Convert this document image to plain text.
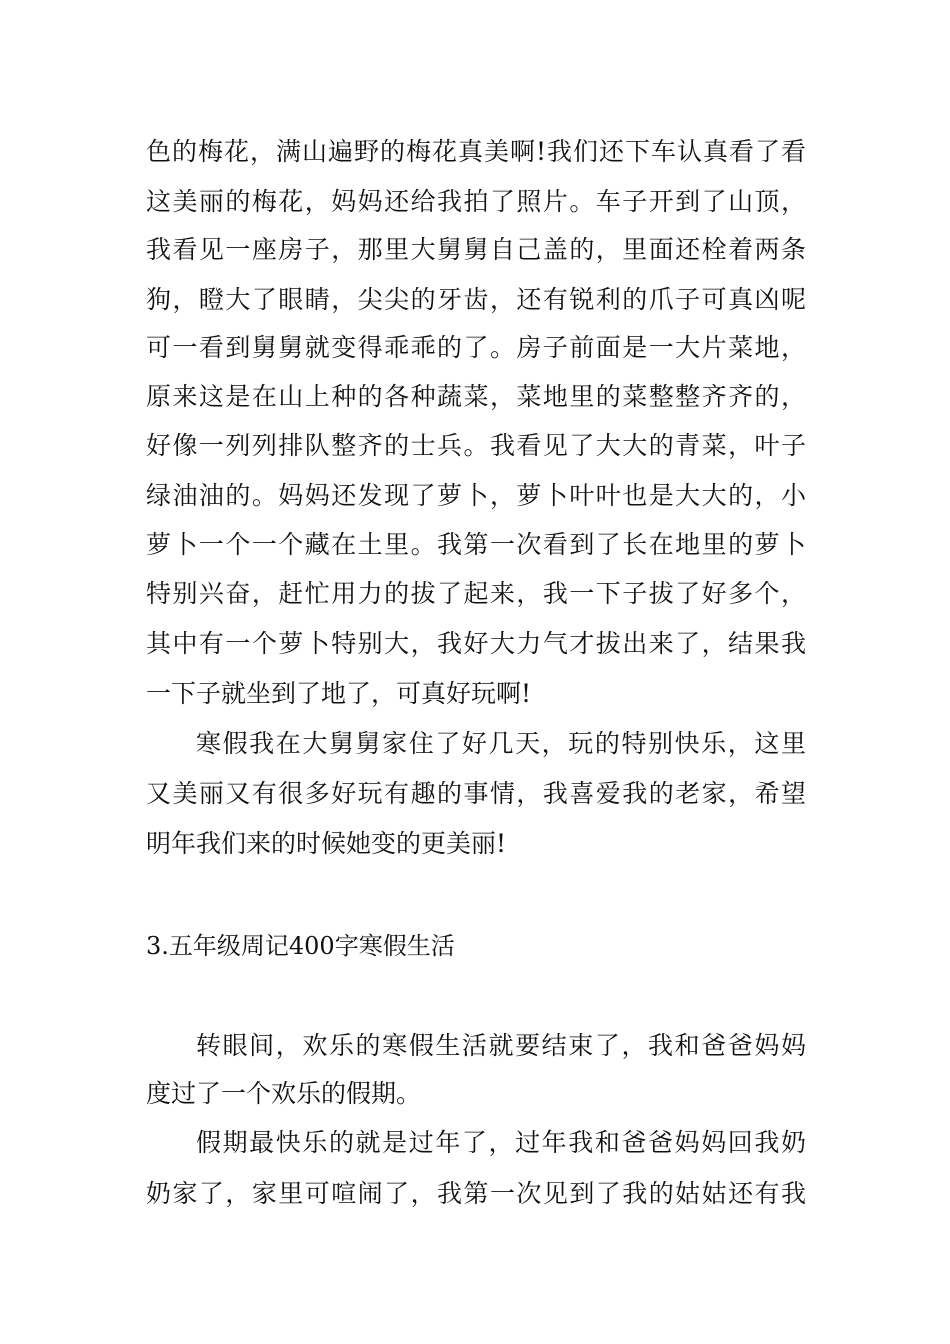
色的梅花，满山遍野的梅花真美啊!我们还下车认真看了看
这美丽的梅花，妈妈还给我拍了照片。车子开到了山顶，
我看见一座房子，那里大舅舅自己盖的，里面还栓着两条
狗，瞪大了眼睛，尖尖的牙齿，还有锐利的爪子可真凶呢
可一看到舅舅就变得乖乖的了。房子前面是一大片菜地，
原来这是在山上种的各种蔬菜，菜地里的菜整整齐齐的，
好像一列列排队整齐的士兵。我看见了大大的青菜，叶子
绿油油的。妈妈还发现了萝卜，萝卜叶叶也是大大的，小
萝卜一个一个藏在土里。我第一次看到了长在地里的萝卜
特别兴奋，赶忙用力的拔了起来，我一下子拔了好多个，
其中有一个萝卜特别大，我好大力气才拔出来了，结果我
一下子就坐到了地了，可真好玩啊!
寒假我在大舅舅家住了好几天，玩的特别快乐，这里
又美丽又有很多好玩有趣的事情，我喜爱我的老家，希望
明年我们来的时候她变的更美丽!
3.五年级周记400字寒假生活
转眼间，欢乐的寒假生活就要结束了，我和爸爸妈妈
度过了一个欢乐的假期。
假期最快乐的就是过年了，过年我和爸爸妈妈回我奶
奶家了，家里可喧闹了，我第一次见到了我的姑姑还有我
